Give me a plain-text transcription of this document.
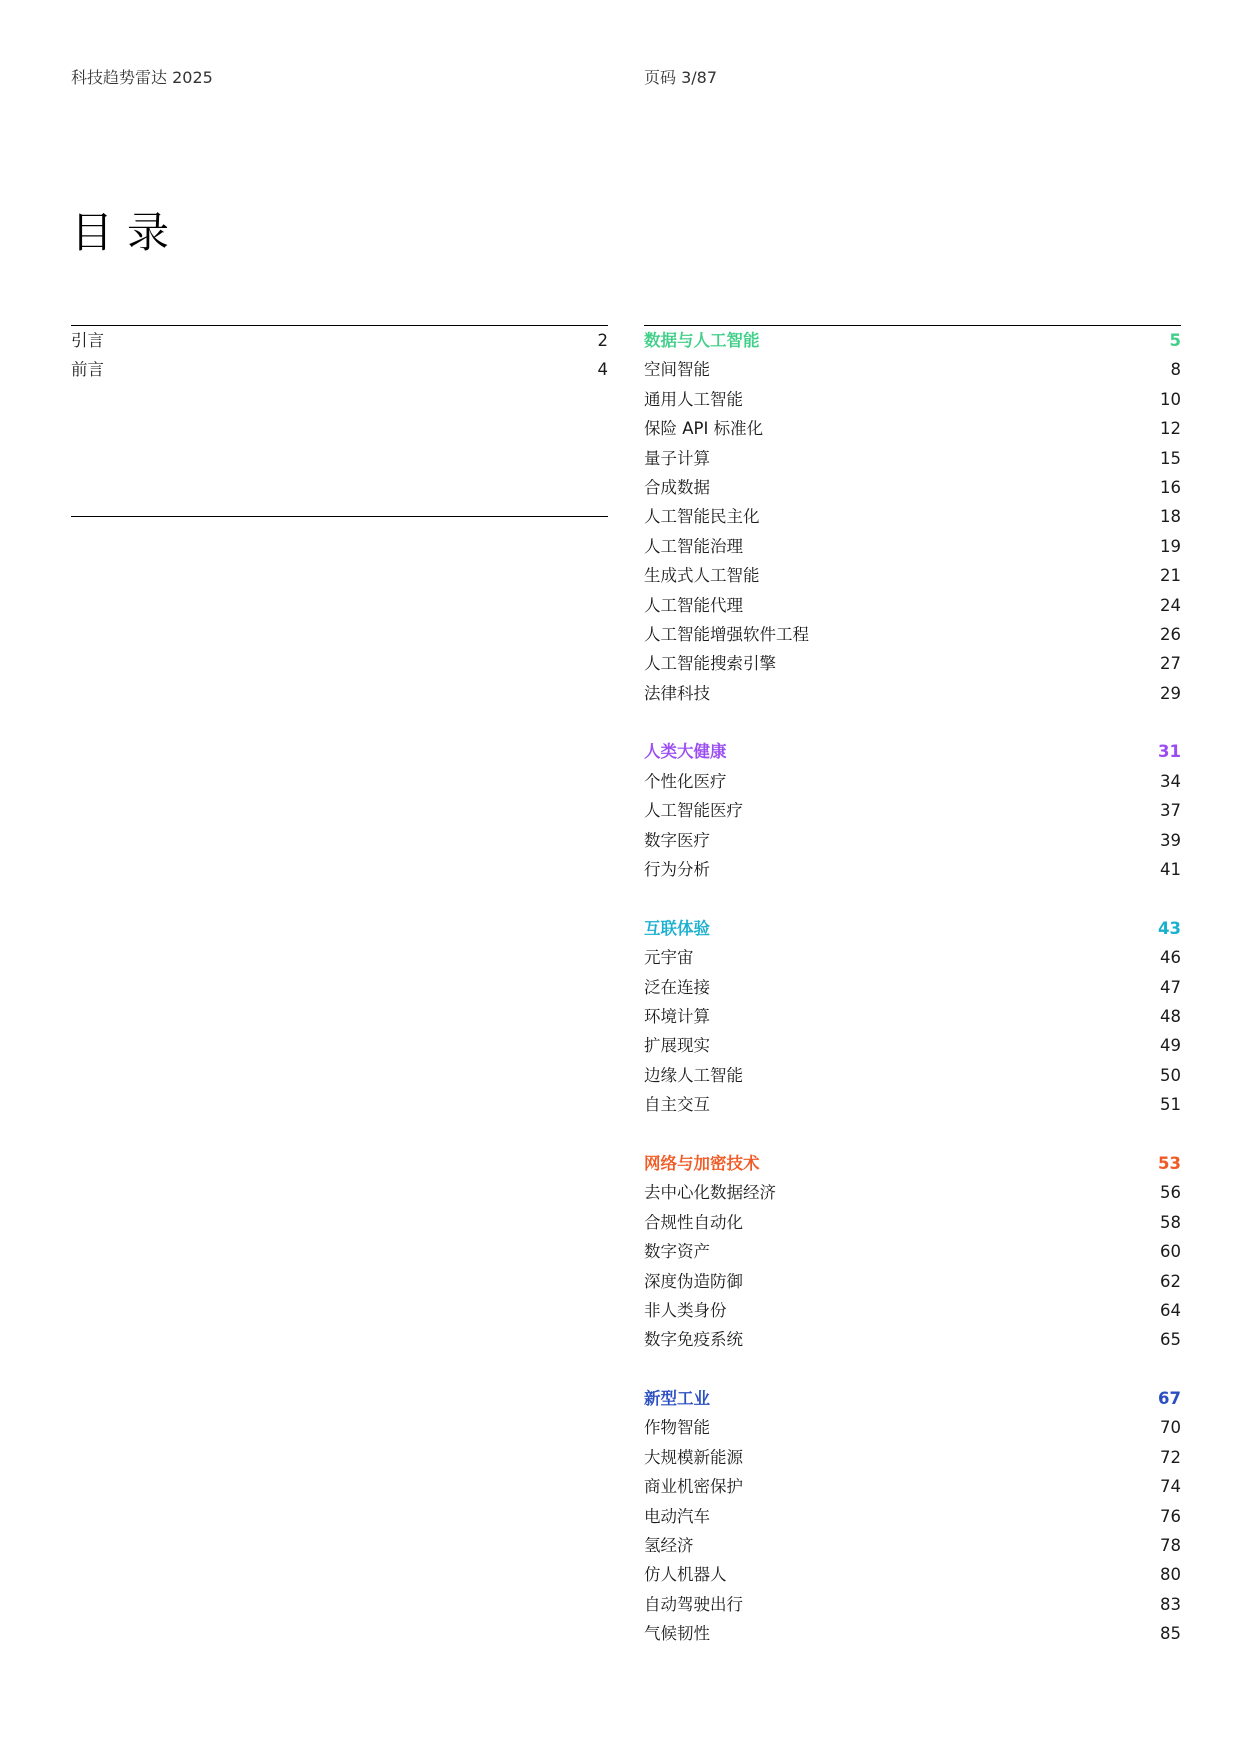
科技趋势雷达 2025	页码 3/87
目录
引言	2
前言	4
数据与人工智能	5
空间智能	8
通用人工智能	10
保险 API 标准化	12
量子计算	15
合成数据	16
人工智能民主化	18
人工智能治理	19
生成式人工智能	21
人工智能代理	24
人工智能增强软件工程	26
人工智能搜索引擎	27
法律科技	29
人类大健康	31
个性化医疗	34
人工智能医疗	37
数字医疗	39
行为分析	41
互联体验	43
元宇宙	46
泛在连接	47
环境计算	48
扩展现实	49
边缘人工智能	50
自主交互	51
网络与加密技术	53
去中心化数据经济	56
合规性自动化	58
数字资产	60
深度伪造防御	62
非人类身份	64
数字免疫系统	65
新型工业	67
作物智能	70
大规模新能源	72
商业机密保护	74
电动汽车	76
氢经济	78
仿人机器人	80
自动驾驶出行	83
气候韧性	85
